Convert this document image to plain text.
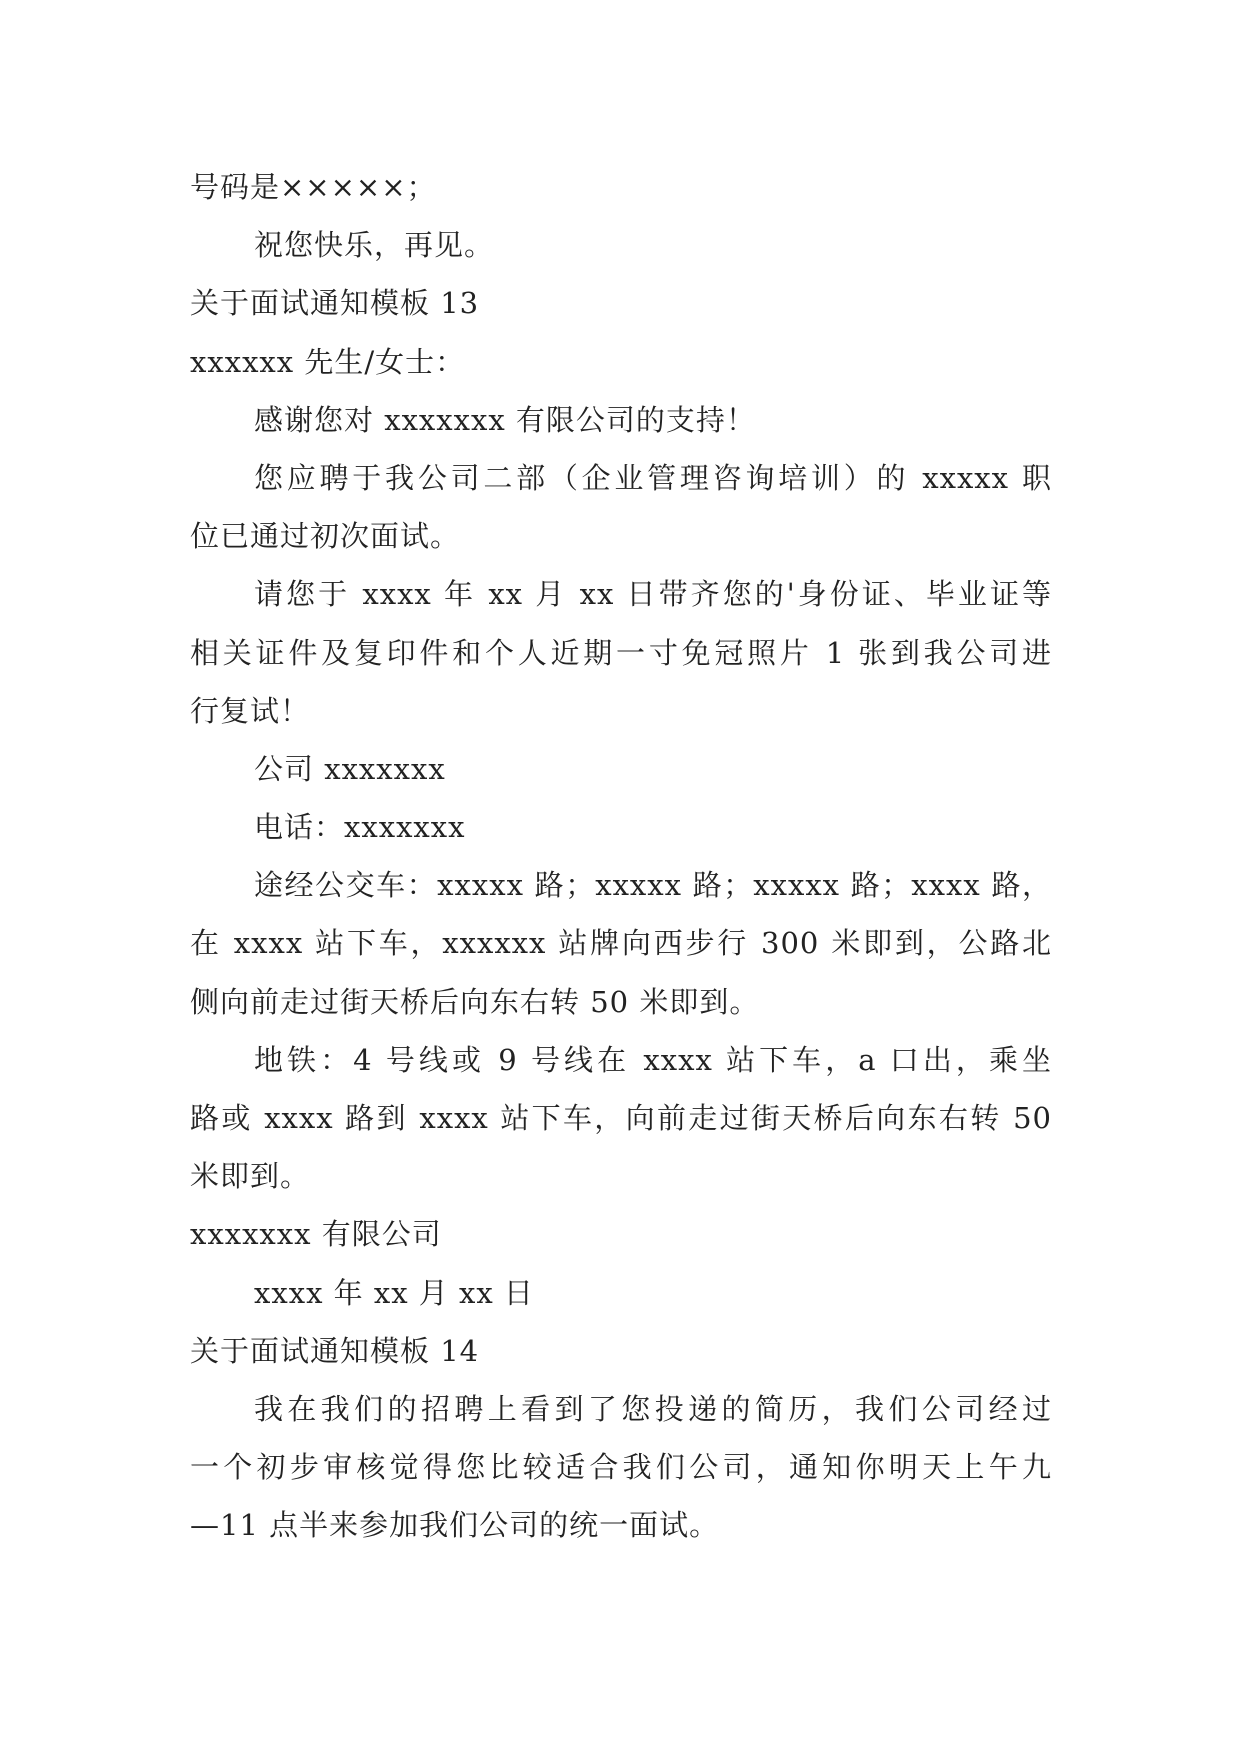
号码是×××××；
祝您快乐，再见。
关于面试通知模板 13
xxxxxx 先生/女士：
感谢您对 xxxxxxx 有限公司的支持！
您应聘于我公司二部（企业管理咨询培训）的 xxxxx 职
位已通过初次面试。
请您于 xxxx 年 xx 月 xx 日带齐您的'身份证、毕业证等
相关证件及复印件和个人近期一寸免冠照片 1 张到我公司进
行复试！
公司 xxxxxxx
电话：xxxxxxx
途经公交车：xxxxx 路；xxxxx 路；xxxxx 路；xxxx 路，
在 xxxx 站下车，xxxxxx 站牌向西步行 300 米即到，公路北
侧向前走过街天桥后向东右转 50 米即到。
地铁：4 号线或 9 号线在 xxxx 站下车，a 口出，乘坐
路或 xxxx 路到 xxxx 站下车，向前走过街天桥后向东右转 50
米即到。
xxxxxxx 有限公司
xxxx 年 xx 月 xx 日
关于面试通知模板 14
我在我们的招聘上看到了您投递的简历，我们公司经过
一个初步审核觉得您比较适合我们公司，通知你明天上午九
—11 点半来参加我们公司的统一面试。
